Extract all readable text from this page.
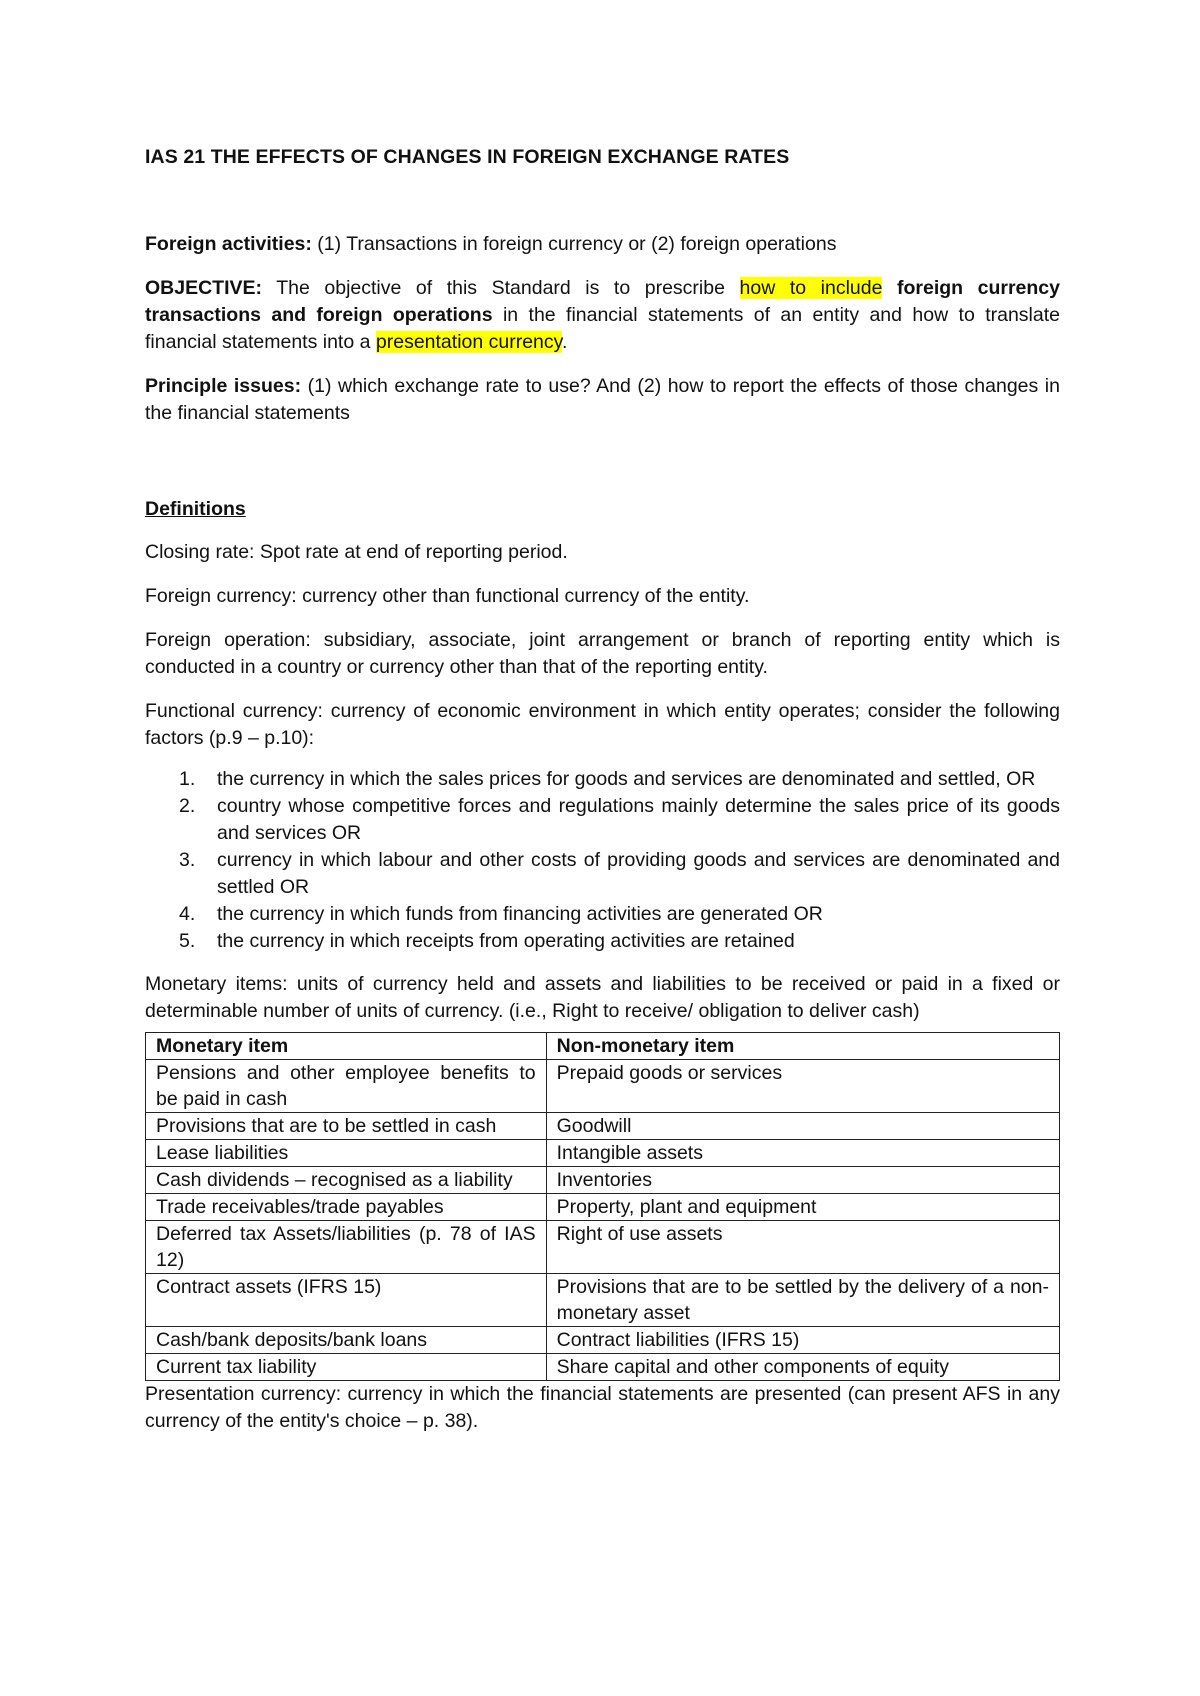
IAS 21 THE EFFECTS OF CHANGES IN FOREIGN EXCHANGE RATES

Foreign activities: (1) Transactions in foreign currency or (2) foreign operations

OBJECTIVE: The objective of this Standard is to prescribe how to include foreign currency transactions and foreign operations in the financial statements of an entity and how to translate financial statements into a presentation currency.

Principle issues: (1) which exchange rate to use? And (2) how to report the effects of those changes in the financial statements

Definitions

Closing rate: Spot rate at end of reporting period.

Foreign currency: currency other than functional currency of the entity.

Foreign operation: subsidiary, associate, joint arrangement or branch of reporting entity which is conducted in a country or currency other than that of the reporting entity.

Functional currency: currency of economic environment in which entity operates; consider the following factors (p.9 – p.10):

1. the currency in which the sales prices for goods and services are denominated and settled, OR
2. country whose competitive forces and regulations mainly determine the sales price of its goods and services OR
3. currency in which labour and other costs of providing goods and services are denominated and settled OR
4. the currency in which funds from financing activities are generated OR
5. the currency in which receipts from operating activities are retained

Monetary items: units of currency held and assets and liabilities to be received or paid in a fixed or determinable number of units of currency. (i.e., Right to receive/ obligation to deliver cash)

Monetary item	Non-monetary item
Pensions and other employee benefits to be paid in cash	Prepaid goods or services
Provisions that are to be settled in cash	Goodwill
Lease liabilities	Intangible assets
Cash dividends – recognised as a liability	Inventories
Trade receivables/trade payables	Property, plant and equipment
Deferred tax Assets/liabilities (p. 78 of IAS 12)	Right of use assets
Contract assets (IFRS 15)	Provisions that are to be settled by the delivery of a non-monetary asset
Cash/bank deposits/bank loans	Contract liabilities (IFRS 15)
Current tax liability	Share capital and other components of equity

Presentation currency: currency in which the financial statements are presented (can present AFS in any currency of the entity's choice – p. 38).
